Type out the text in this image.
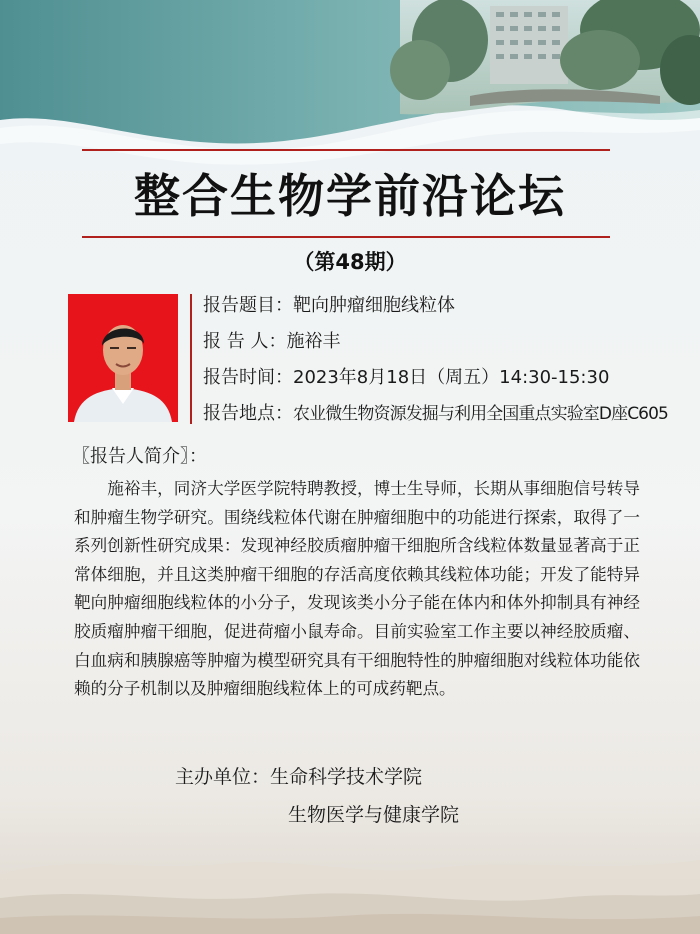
整合生物学前沿论坛
（第48期）
报告题目：靶向肿瘤细胞线粒体
报 告 人：施裕丰
报告时间：2023年8月18日（周五）14:30-15:30
报告地点：农业微生物资源发掘与利用全国重点实验室D座C605
〖报告人简介〗：

施裕丰，同济大学医学院特聘教授，博士生导师，长期从事细胞信号转导和肿瘤生物学研究。围绕线粒体代谢在肿瘤细胞中的功能进行探索，取得了一系列创新性研究成果：发现神经胶质瘤肿瘤干细胞所含线粒体数量显著高于正常体细胞，并且这类肿瘤干细胞的存活高度依赖其线粒体功能；开发了能特异靶向肿瘤细胞线粒体的小分子，发现该类小分子能在体内和体外抑制具有神经胶质瘤肿瘤干细胞，促进荷瘤小鼠寿命。目前实验室工作主要以神经胶质瘤、白血病和胰腺癌等肿瘤为模型研究具有干细胞特性的肿瘤细胞对线粒体功能依赖的分子机制以及肿瘤细胞线粒体上的可成药靶点。

主办单位：生命科学技术学院
生物医学与健康学院
